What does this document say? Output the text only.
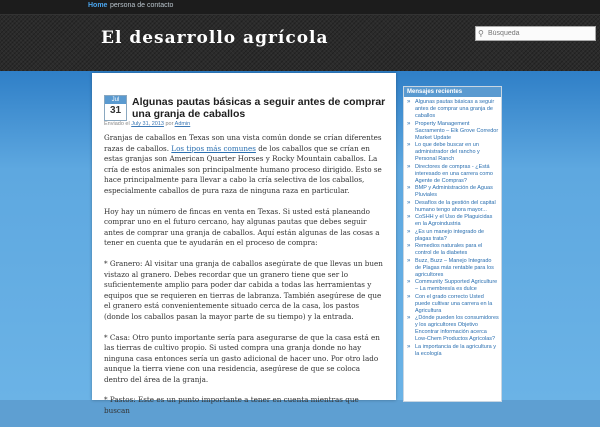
Home persona de contacto
El desarrollo agrícola	⚲
Búsqueda
Jul
31
Algunas pautas básicas a seguir antes de comprar una granja de caballos
Enviado el July 31, 2013 por Admin

Granjas de caballos en Texas son una vista común donde se crían diferentes razas de caballos. Los tipos más comunes de los caballos que se crían en estas granjas son American Quarter Horses y Rocky Mountain caballos. La cría de estos animales son principalmente humano proceso dirigido. Esto se hace principalmente para llevar a cabo la cría selectiva de los caballos, especialmente caballos de pura raza de ninguna raza en particular.

Hoy hay un número de fincas en venta en Texas. Si usted está planeando comprar uno en el futuro cercano, hay algunas pautas que debes seguir antes de comprar una granja de caballos. Aquí están algunas de las cosas a tener en cuenta que te ayudarán en el proceso de compra:

* Granero: Al visitar una granja de caballos asegúrate de que llevas un buen vistazo al granero. Debes recordar que un granero tiene que ser lo suficientemente amplio para poder dar cabida a todas las herramientas y equipos que se requieren en tierras de labranza. También asegúrese de que el granero está convenientemente situado cerca de la casa, los pastos (donde los caballos pasan la mayor parte de su tiempo) y la entrada.

* Casa: Otro punto importante sería para asegurarse de que la casa está en las tierras de cultivo propio. Si usted compra una granja donde no hay ninguna casa entonces sería un gasto adicional de hacer uno. Por otro lado aunque la tierra viene con una residencia, asegúrese de que se coloca dentro del área de la granja.

* Pastos: Este es un punto importante a tener en cuenta mientras que buscan

Mensajes recientes
» Algunas pautas básicas a seguir antes de comprar una granja de caballos
» Property Management Sacramento – Elk Grove Corredor Market Update
» Lo que debe buscar en un administrador del rancho y Personal Ranch
» Directores de compras - ¿Está interesado en una carrera como Agente de Compras?
» BMP y Administración de Aguas Pluviales
» Desafíos de la gestión del capital humano tengo ahora mayor...
» CoSHH y el Uso de Plaguicidas en la Agroindustria
» ¿Es un manejo integrado de plagas trata?
» Remedios naturales para el control de la diabetes
» Buzz, Buzz – Manejo Integrado de Plagas más rentable para los agricultores
» Community Supported Agriculture – La membresía es dulce
» Con el grado correcto Usted puede cultivar una carrera en la Agricultura
» ¿Dónde pueden los consumidores y los agricultores Objetivo Encontrar información acerca Low-Chem Productos Agrícolas?
» La importancia de la agricultura y la ecología
